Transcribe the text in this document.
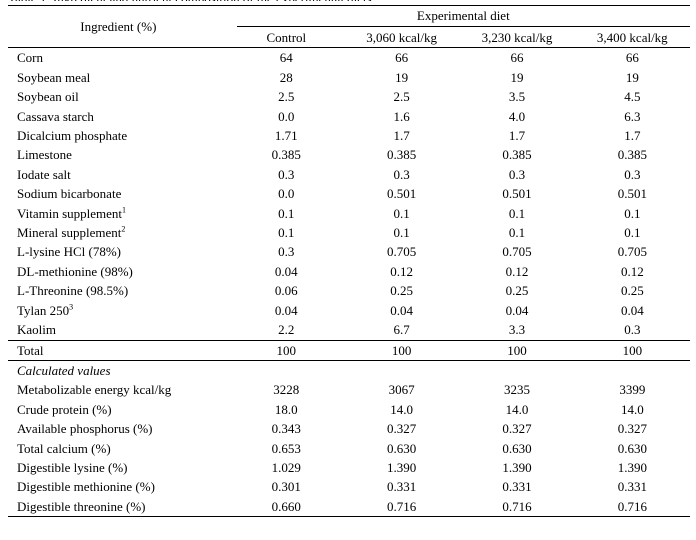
Ingredient (%)	Experimental diet			

	Control	3,060 kcal/kg	3,230 kcal/kg	3,400 kcal/kg
Corn	64	66	66	66
Soybean meal	28	19	19	19
Soybean oil	2.5	2.5	3.5	4.5
Cassava starch	0.0	1.6	4.0	6.3
Dicalcium phosphate	1.71	1.7	1.7	1.7
Limestone	0.385	0.385	0.385	0.385
Iodate salt	0.3	0.3	0.3	0.3
Sodium bicarbonate	0.0	0.501	0.501	0.501
Vitamin supplement$^1$	0.1	0.1	0.1	0.1
Mineral supplement$^2$	0.1	0.1	0.1	0.1
L-lysine HCl (78%)	0.3	0.705	0.705	0.705
DL-methionine (98%)	0.04	0.12	0.12	0.12
L-Threonine (98.5%)	0.06	0.25	0.25	0.25
Tylan $250^3$	0.04	0.04	0.04	0.04
Kaolim	2.2	6.7	3.3	0.3
Total	100	100	100	100
Calculated values				
Metabolizable energy kcal/kg	3228	3067	3235	3399
Crude protein (%)	18.0	14.0	14.0	14.0
Available phosphorus (%)	0.343	0.327	0.327	0.327
Total calcium (%)	0.653	0.630	0.630	0.630
Digestible lysine (%)	1.029	1.390	1.390	1.390
Digestible methionine (%)	0.301	0.331	0.331	0.331
Digestible threonine (%)	0.660	0.716	0.716	0.716
